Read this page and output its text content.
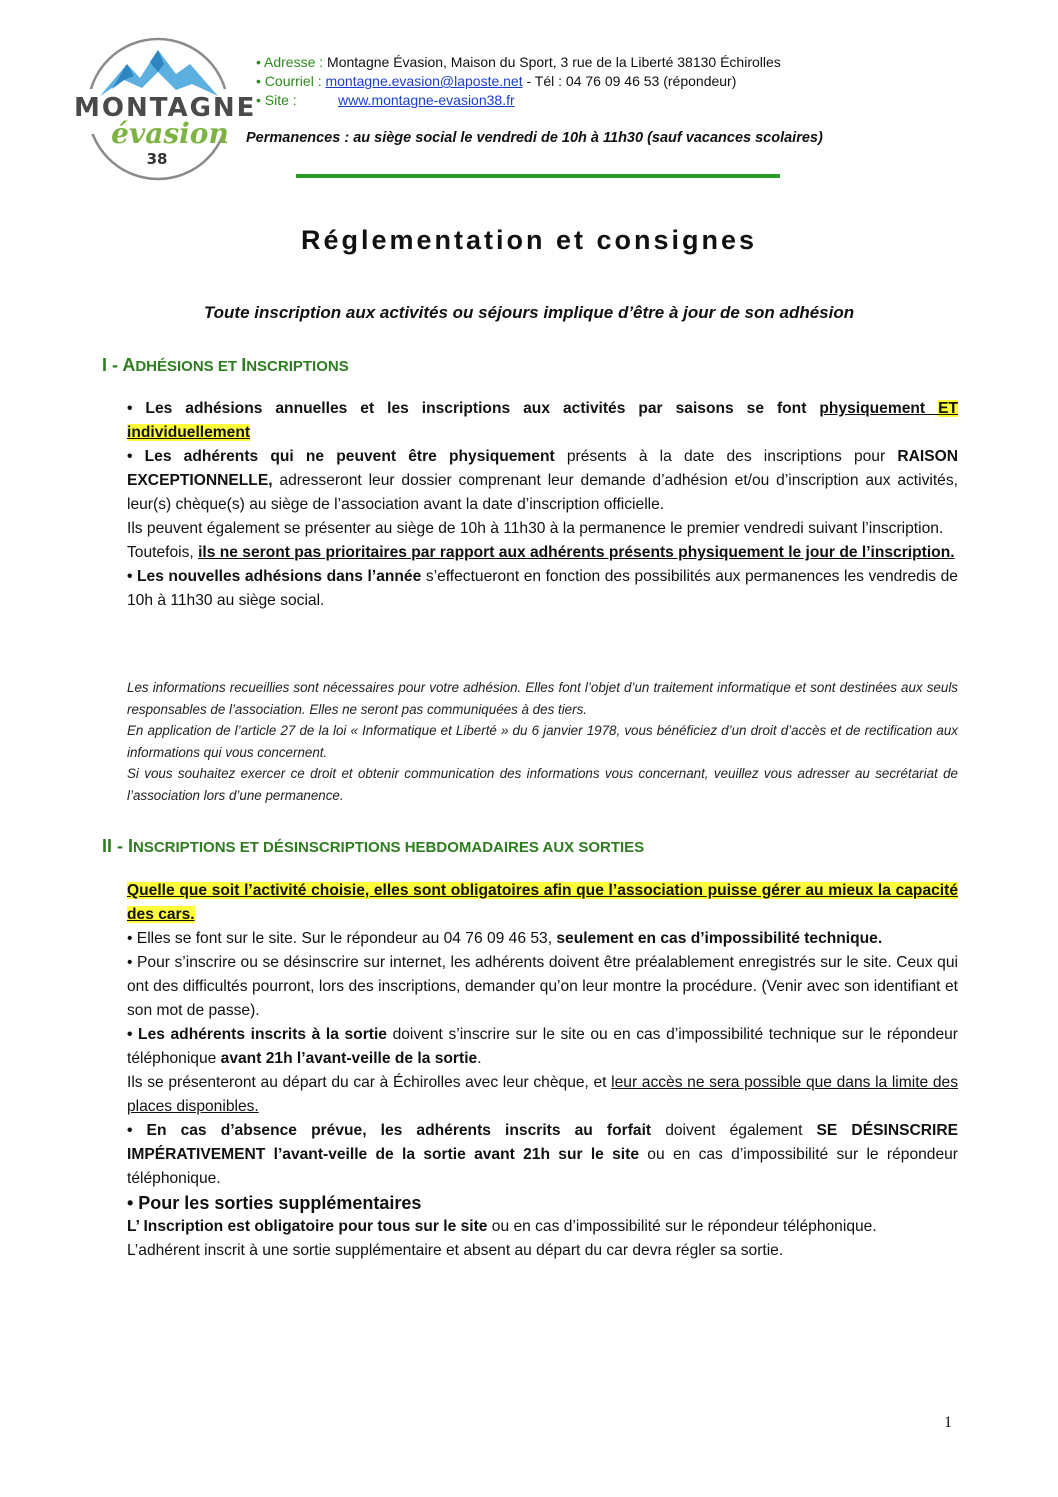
MONTAGNE
évasion
38
• Adresse : Montagne Évasion, Maison du Sport, 3 rue de la Liberté 38130 Échirolles
• Courriel : montagne.evasion@laposte.net - Tél : 04 76 09 46 53 (répondeur)
• Site :	www.montagne-evasion38.fr
Permanences : au siège social le vendredi de 10h à 11h30 (sauf vacances scolaires)
Réglementation et consignes
Toute inscription aux activités ou séjours implique d’être à jour de son adhésion
I - ADHÉSIONS ET INSCRIPTIONS

• Les adhésions annuelles et les inscriptions aux activités par saisons se font physiquement ET individuellement

• Les adhérents qui ne peuvent être physiquement présents à la date des inscriptions pour RAISON EXCEPTIONNELLE, adresseront leur dossier comprenant leur demande d’adhésion et/ou d’inscription aux activités, leur(s) chèque(s) au siège de l’association avant la date d’inscription officielle.

Ils peuvent également se présenter au siège de 10h à 11h30 à la permanence le premier vendredi suivant l’inscription.

Toutefois, ils ne seront pas prioritaires par rapport aux adhérents présents physiquement le jour de l’inscription.

• Les nouvelles adhésions dans l’année s’effectueront en fonction des possibilités aux permanences les vendredis de 10h à 11h30 au siège social.

Les informations recueillies sont nécessaires pour votre adhésion. Elles font l’objet d’un traitement informatique et sont destinées aux seuls responsables de l’association. Elles ne seront pas communiquées à des tiers.

En application de l’article 27 de la loi « Informatique et Liberté » du 6 janvier 1978, vous bénéficiez d’un droit d’accès et de rectification aux informations qui vous concernent.

Si vous souhaitez exercer ce droit et obtenir communication des informations vous concernant, veuillez vous adresser au secrétariat de l’association lors d’une permanence.

II - INSCRIPTIONS ET DÉSINSCRIPTIONS HEBDOMADAIRES AUX SORTIES

Quelle que soit l’activité choisie, elles sont obligatoires afin que l’association puisse gérer au mieux la capacité des cars.

• Elles se font sur le site. Sur le répondeur au 04 76 09 46 53, seulement en cas d’impossibilité technique.

• Pour s’inscrire ou se désinscrire sur internet, les adhérents doivent être préalablement enregistrés sur le site. Ceux qui ont des difficultés pourront, lors des inscriptions, demander qu’on leur montre la procédure. (Venir avec son identifiant et son mot de passe).

• Les adhérents inscrits à la sortie doivent s’inscrire sur le site ou en cas d’impossibilité technique sur le répondeur téléphonique avant 21h l’avant-veille de la sortie.

Ils se présenteront au départ du car à Échirolles avec leur chèque, et leur accès ne sera possible que dans la limite des places disponibles.

• En cas d’absence prévue, les adhérents inscrits au forfait doivent également SE DÉSINSCRIRE IMPÉRATIVEMENT l’avant-veille de la sortie avant 21h sur le site ou en cas d’impossibilité sur le répondeur téléphonique.

• Pour les sorties supplémentaires

L’ Inscription est obligatoire pour tous sur le site ou en cas d’impossibilité sur le répondeur téléphonique.

L’adhérent inscrit à une sortie supplémentaire et absent au départ du car devra régler sa sortie.

1
